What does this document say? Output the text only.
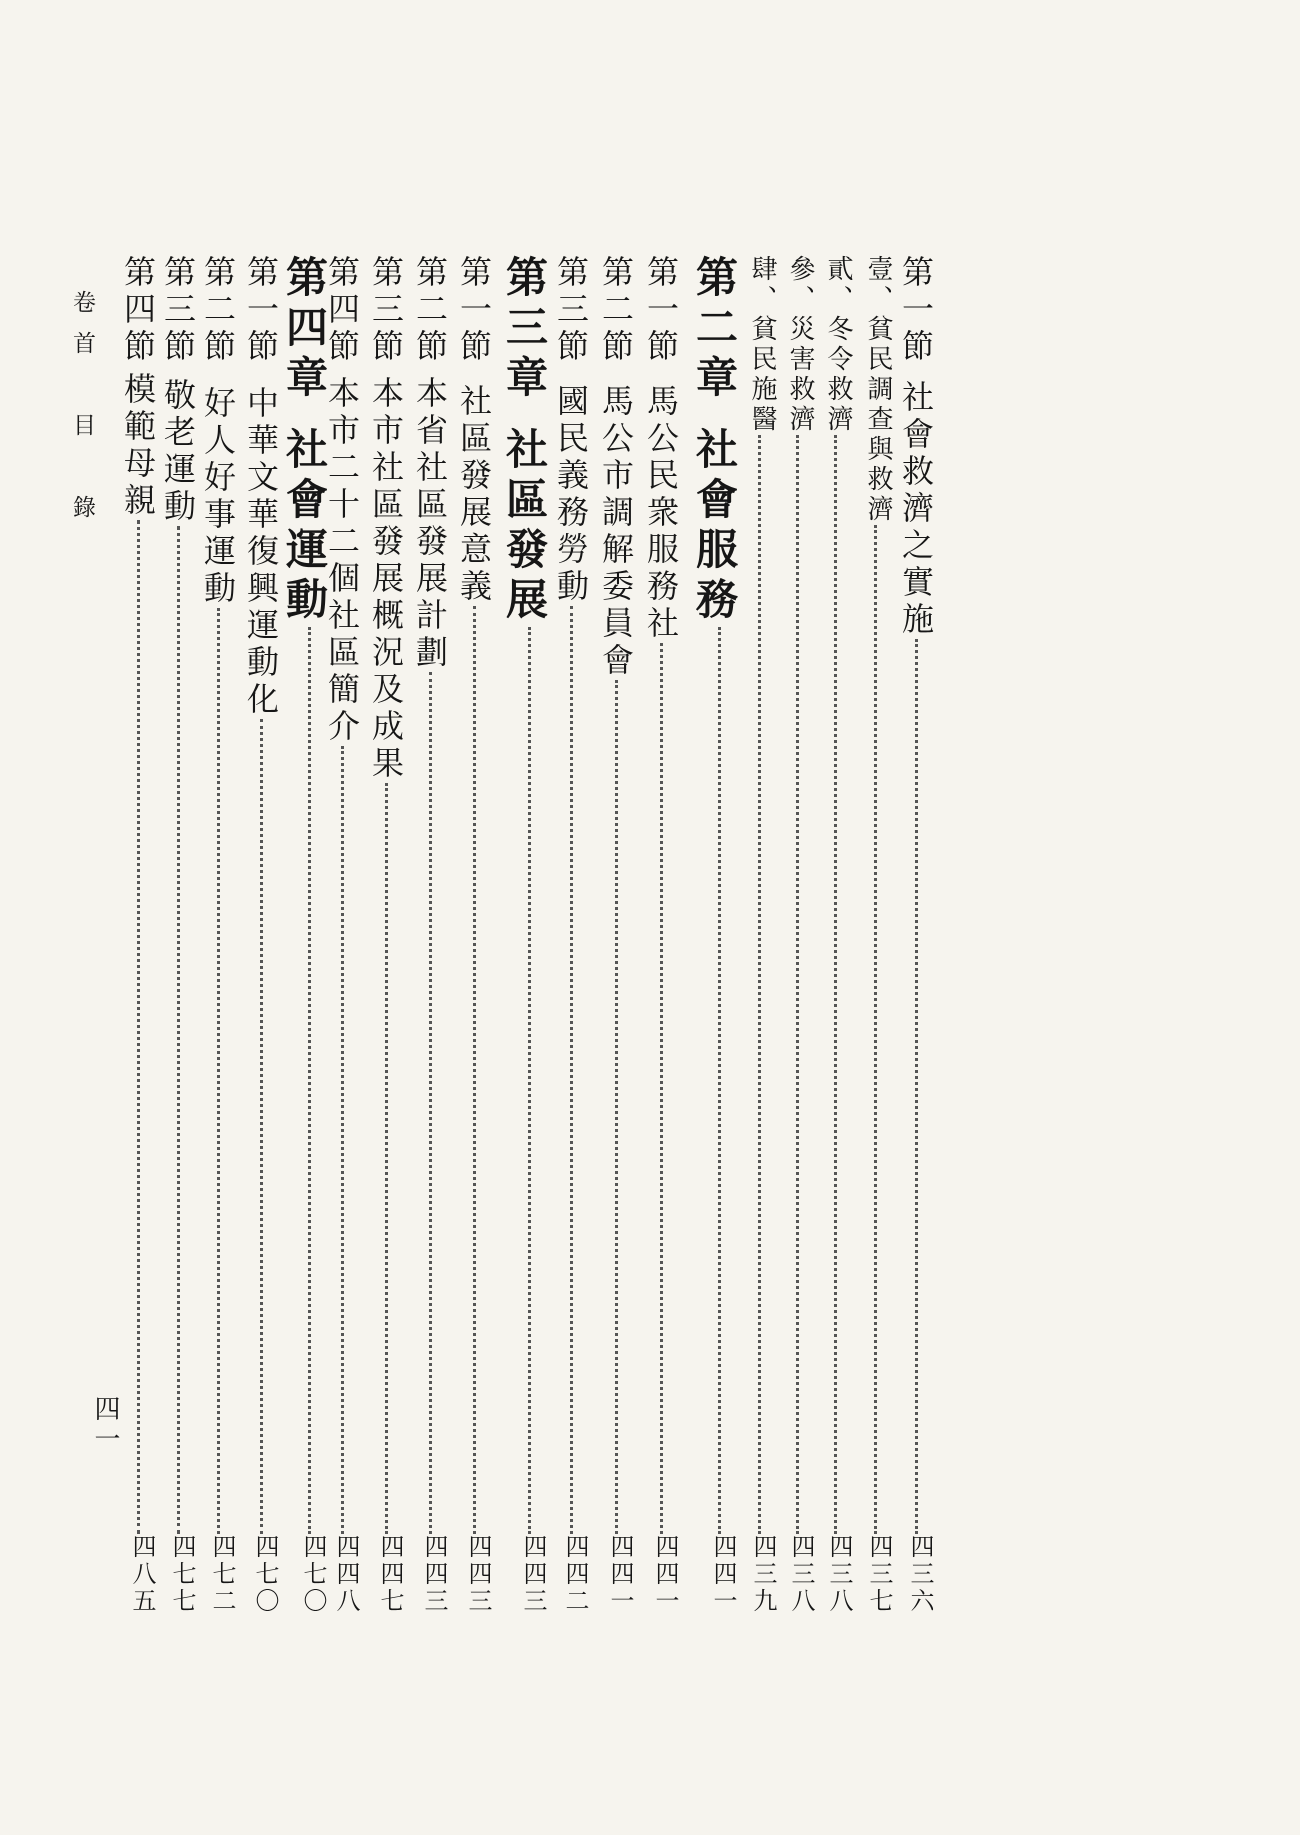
第一節社會救濟之實施
四三六
壹、貧民調查與救濟
四三七
貳、冬令救濟
四三八
參、災害救濟
四三八
肆、貧民施醫
四三九
第二章社會服務
四四一
第一節馬公民衆服務社
四四一
第二節馬公市調解委員會
四四一
第三節國民義務勞動
四四二
第三章社區發展
四四三
第一節社區發展意義
四四三
第二節本省社區發展計劃
四四三
第三節本市社區發展概況及成果
四四七
第四節本市二十二個社區簡介
四四八
第四章社會運動
四七〇
第一節中華文華復興運動化
四七〇
第二節好人好事運動
四七二
第三節敬老運動
四七七
第四節模範母親
四八五
卷首　目　錄
四一
